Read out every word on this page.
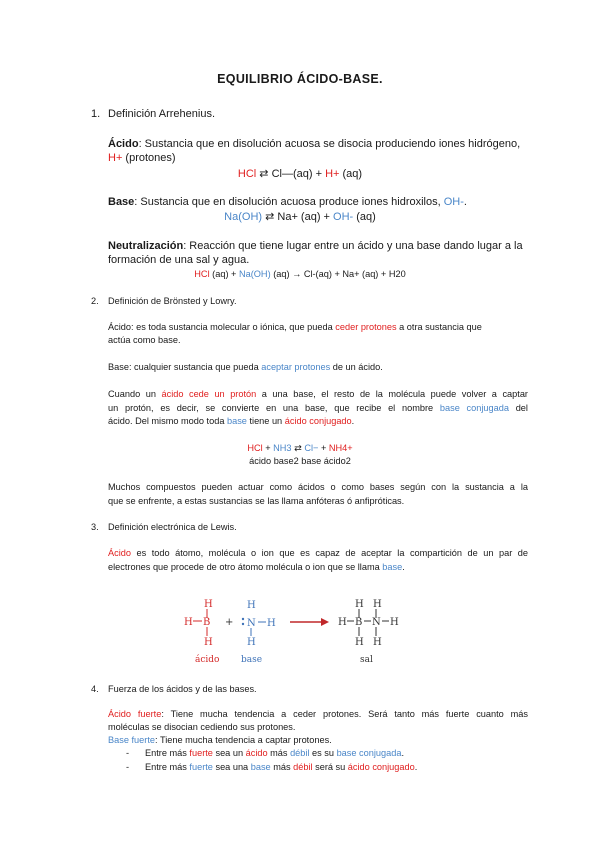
EQUILIBRIO ÁCIDO-BASE.
1. Definición Arrehenius.
Ácido: Sustancia que en disolución acuosa se disocia produciendo iones hidrógeno,
H+ (protones)
HCl ⇄ Cl—(aq) + H+ (aq)
Base: Sustancia que en disolución acuosa produce iones hidroxilos, OH-.
Na(OH) ⇄ Na+ (aq) + OH- (aq)
Neutralización: Reacción que tiene lugar entre un ácido y una base dando lugar a la
formación de una sal y agua.
HCl (aq) + Na(OH) (aq) → Cl-(aq) + Na+ (aq) + H20
2. Definición de Brönsted y Lowry.
Ácido: es toda sustancia molecular o iónica, que pueda ceder protones a otra sustancia que
actúa como base.
Base: cualquier sustancia que pueda aceptar protones de un ácido.
Cuando un ácido cede un protón a una base, el resto de la molécula puede volver a captar
un protón, es decir, se convierte en una base, que recibe el nombre base conjugada del
ácido. Del mismo modo toda base tiene un ácido conjugado.
HCl + NH3 ⇄ Cl− + NH4+
ácido base2 base ácido2
Muchos compuestos pueden actuar como ácidos o como bases según con la sustancia a la
que se enfrente, a estas sustancias se las llama anfóteras ó anfipróticas.
3. Definición electrónica de Lewis.
Ácido es todo átomo, molécula o ion que es capaz de aceptar la compartición de un par de
electrones que procede de otro átomo molécula o ion que se llama base.
H
H B
H
ácido
+
H
N H
H
base
H H
H B N H
H H
sal
4. Fuerza de los ácidos y de las bases.
Ácido fuerte: Tiene mucha tendencia a ceder protones. Será tanto más fuerte cuanto más
moléculas se disocian cediendo sus protones.
Base fuerte: Tiene mucha tendencia a captar protones.
- Entre más fuerte sea un ácido más débil es su base conjugada.
- Entre más fuerte sea una base más débil será su ácido conjugado.
